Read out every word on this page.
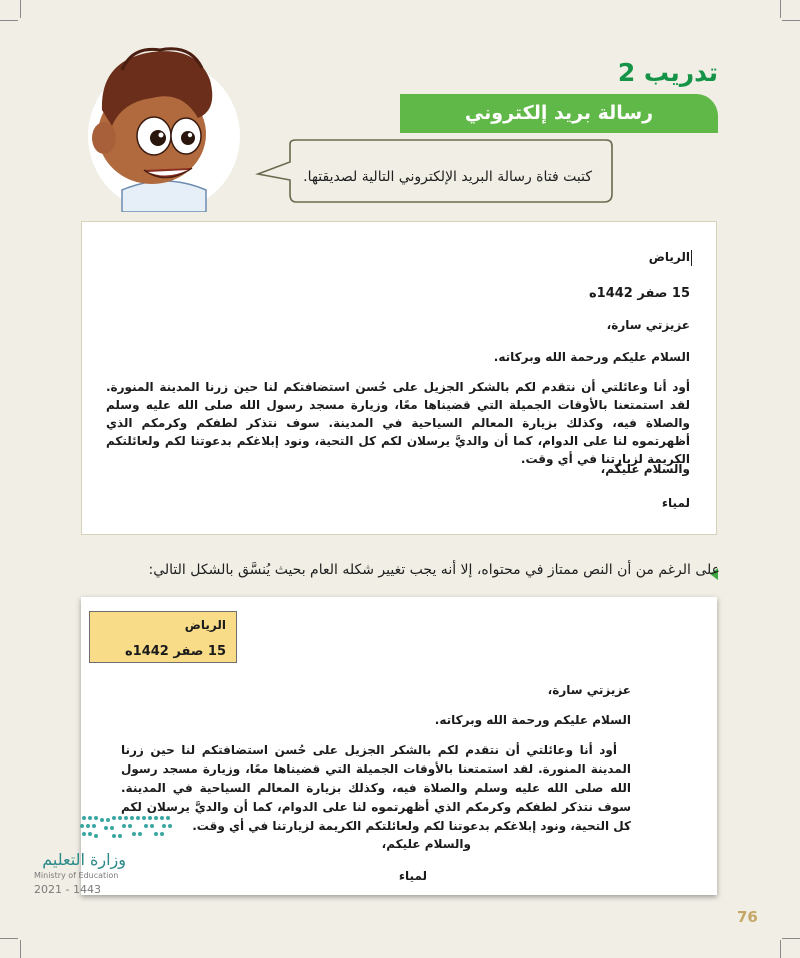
تدريب 2
رسالة بريد إلكتروني
كتبت فتاة رسالة البريد الإلكتروني التالية لصديقتها.

الرياض

15 صفر 1442ه

عزيزتي سارة،

السلام عليكم ورحمة الله وبركاته.

أود أنا وعائلتي أن نتقدم لكم بالشكر الجزيل على حُسن استضافتكم لنا حين زرنا المدينة المنورة. لقد استمتعنا بالأوقات الجميلة التي قضيناها معًا، وزيارة مسجد رسول الله صلى الله عليه وسلم والصلاة فيه، وكذلك بزيارة المعالم السياحية في المدينة. سوف نتذكر لطفكم وكرمكم الذي أظهرتموه لنا على الدوام، كما أن والديَّ يرسلان لكم كل التحية، ونود إبلاغكم بدعوتنا لكم ولعائلتكم الكريمة لزيارتنا في أي وقت.

والسلام عليكم،

لمياء

على الرغم من أن النص ممتاز في محتواه، إلا أنه يجب تغيير شكله العام بحيث يُنسَّق بالشكل التالي:
الرياض
15 صفر 1442ه
عزيزتي سارة،
السلام عليكم ورحمة الله وبركاته.
أود أنا وعائلتي أن نتقدم لكم بالشكر الجزيل على حُسن استضافتكم لنا حين زرنا المدينة المنورة. لقد استمتعنا بالأوقات الجميلة التي قضيناها معًا، وزيارة مسجد رسول الله صلى الله عليه وسلم والصلاة فيه، وكذلك بزيارة المعالم السياحية في المدينة. سوف نتذكر لطفكم وكرمكم الذي أظهرتموه لنا على الدوام، كما أن والديَّ يرسلان لكم كل التحية، ونود إبلاغكم بدعوتنا لكم ولعائلتكم الكريمة لزيارتنا في أي وقت.
والسلام عليكم،
لمياء
وزارة التعليم
Ministry of Education
2021 - 1443
76
